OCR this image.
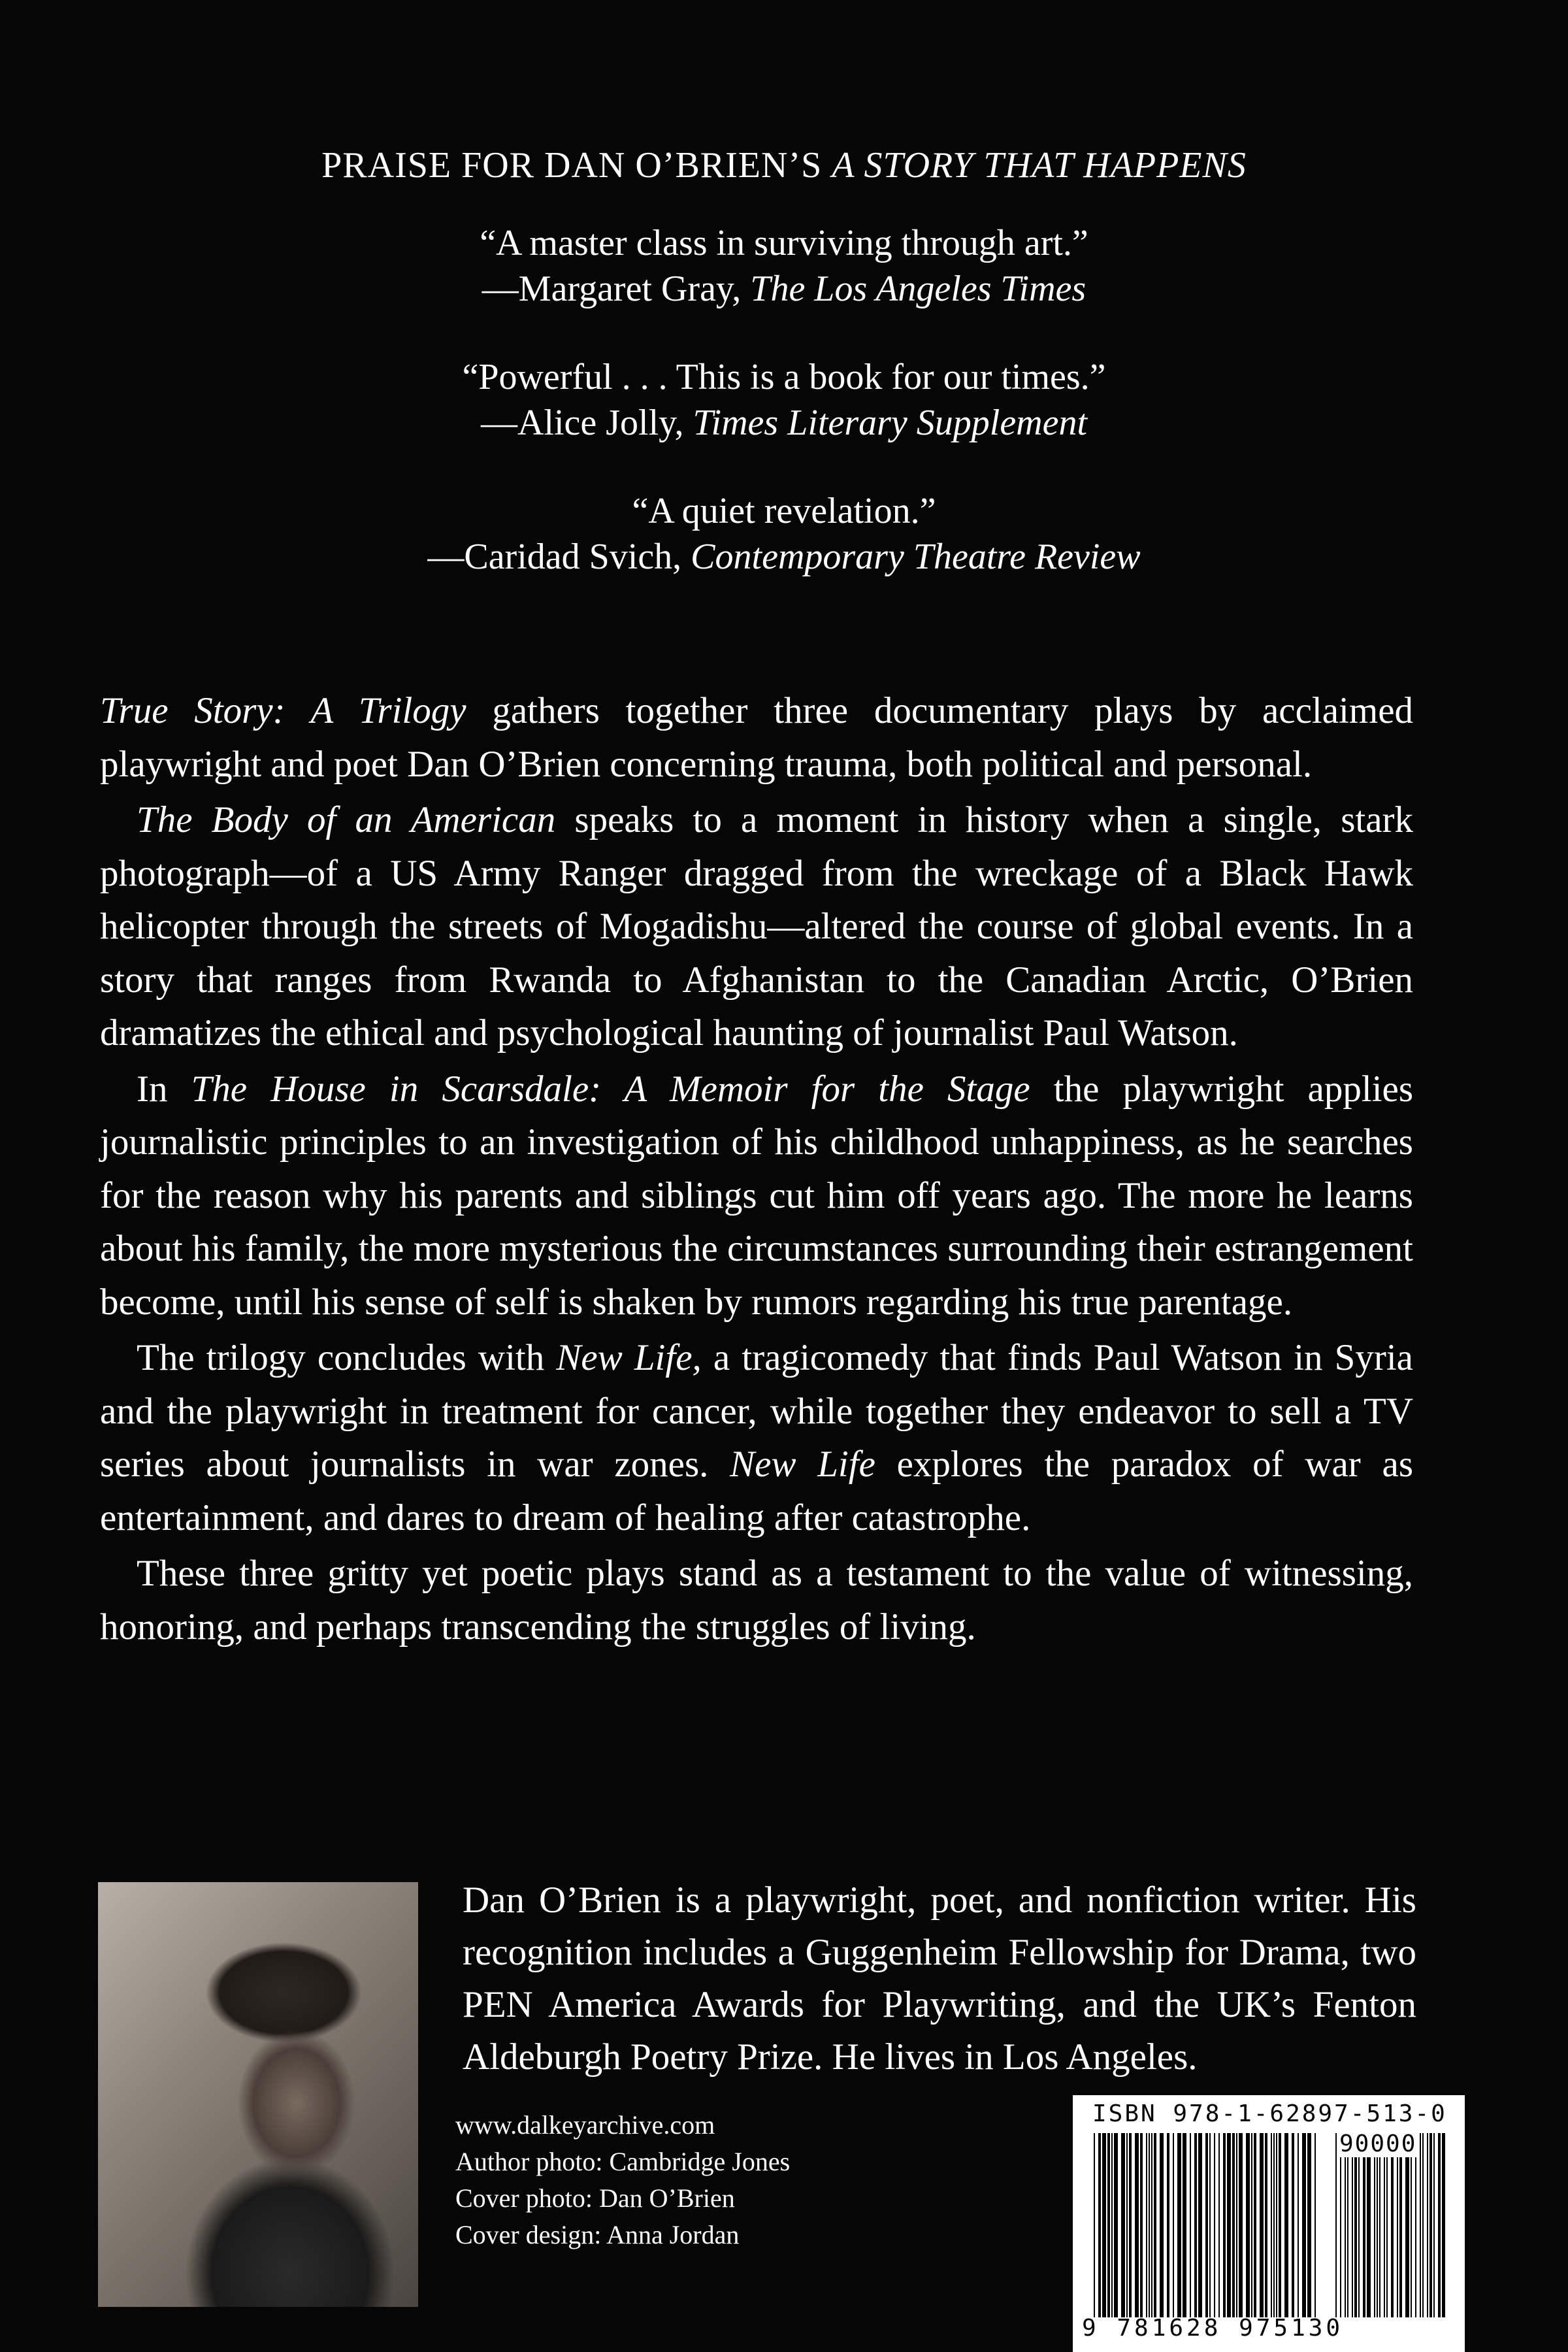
PRAISE FOR DAN O’BRIEN’S A STORY THAT HAPPENS
“A master class in surviving through art.”
—Margaret Gray, The Los Angeles Times
“Powerful . . . This is a book for our times.”
—Alice Jolly, Times Literary Supplement
“A quiet revelation.”
—Caridad Svich, Contemporary Theatre Review

True Story: A Trilogy gathers together three documentary plays by acclaimed playwright and poet Dan O’Brien concerning trauma, both political and personal.

The Body of an American speaks to a moment in history when a single, stark photograph—of a US Army Ranger dragged from the wreckage of a Black Hawk helicopter through the streets of Mogadishu—altered the course of global events. In a story that ranges from Rwanda to Afghanistan to the Canadian Arctic, O’Brien dramatizes the ethical and psychological haunting of journalist Paul Watson.

In The House in Scarsdale: A Memoir for the Stage the playwright applies journalistic principles to an investigation of his childhood unhappiness, as he searches for the reason why his parents and siblings cut him off years ago. The more he learns about his family, the more mysterious the circumstances surrounding their estrangement become, until his sense of self is shaken by rumors regarding his true parentage.

The trilogy concludes with New Life, a tragicomedy that finds Paul Watson in Syria and the playwright in treatment for cancer, while together they endeavor to sell a TV series about journalists in war zones. New Life explores the paradox of war as entertainment, and dares to dream of healing after catastrophe.

These three gritty yet poetic plays stand as a testament to the value of witnessing, honoring, and perhaps transcending the struggles of living.

Dan O’Brien is a playwright, poet, and nonfiction writer. His recognition includes a Guggenheim Fellowship for Drama, two PEN America Awards for Playwriting, and the UK’s Fenton Aldeburgh Poetry Prize. He lives in Los Angeles.

www.dalkeyarchive.com
Author photo: Cambridge Jones
Cover photo: Dan O’Brien
Cover design: Anna Jordan
ISBN 978-1-62897-513-0
90000
9 781628 975130
